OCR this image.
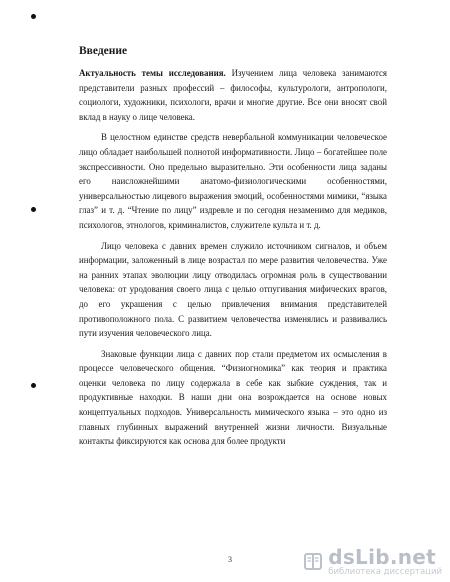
Введение

Актуальность темы исследования. Изучением лица человека занимаются представители разных профессий – философы, культурологи, антропологи, социологи, художники, психологи, врачи и многие другие. Все они вносят свой вклад в науку о лице человека.

В целостном единстве средств невербальной коммуникации человеческое лицо обладает наибольшей полнотой информативности. Лицо – богатейшее поле экспрессивности. Оно предельно выразительно. Эти особенности лица заданы его наисложнейшими анатомо-физиологическими особенностями, универсальностью лицевого выражения эмоций, особенностями мимики, “языка глаз” и т. д. “Чтение по лицу” издревле и по сегодня незаменимо для медиков, психологов, этнологов, криминалистов, служителе культа и т. д.

Лицо человека с давних времен служило источником сигналов, и объем информации, заложенный в лице возрастал по мере развития человечества. Уже на ранних этапах эволюции лицу отводилась огромная роль в существовании человека: от уродования своего лица с целью отпугивания мифических врагов, до его украшения с целью привлечения внимания представителей противоположного пола. С развитием человечества изменялись и развивались пути изучения человеческого лица.

Знаковые функции лица с давних пор стали предметом их осмысления в процессе человеческого общения. “Физиогномика” как теория и практика оценки человека по лицу содержала в себе как зыбкие суждения, так и продуктивные находки. В наши дни она возрождается на основе новых концептуальных подходов. Универсальность мимического языка – это одно из главных глубинных выражений внутренней жизни личности. Визуальные контакты фиксируются как основа для более продукти

3	dsLib.net
библиотека диссертаций
